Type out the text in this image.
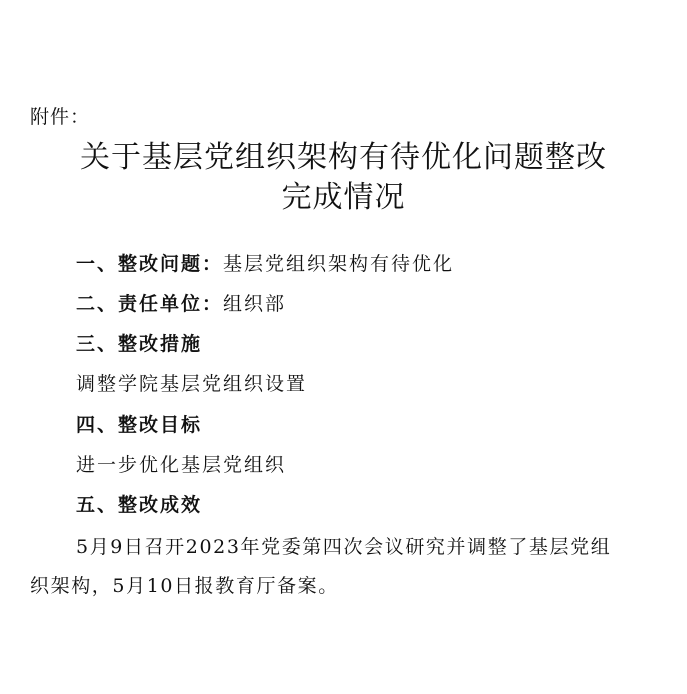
附件：
关于基层党组织架构有待优化问题整改
完成情况
一、整改问题：基层党组织架构有待优化
二、责任单位：组织部
三、整改措施
调整学院基层党组织设置
四、整改目标
进一步优化基层党组织
五、整改成效
5月9日召开2023年党委第四次会议研究并调整了基层党组
织架构，5月10日报教育厅备案。
